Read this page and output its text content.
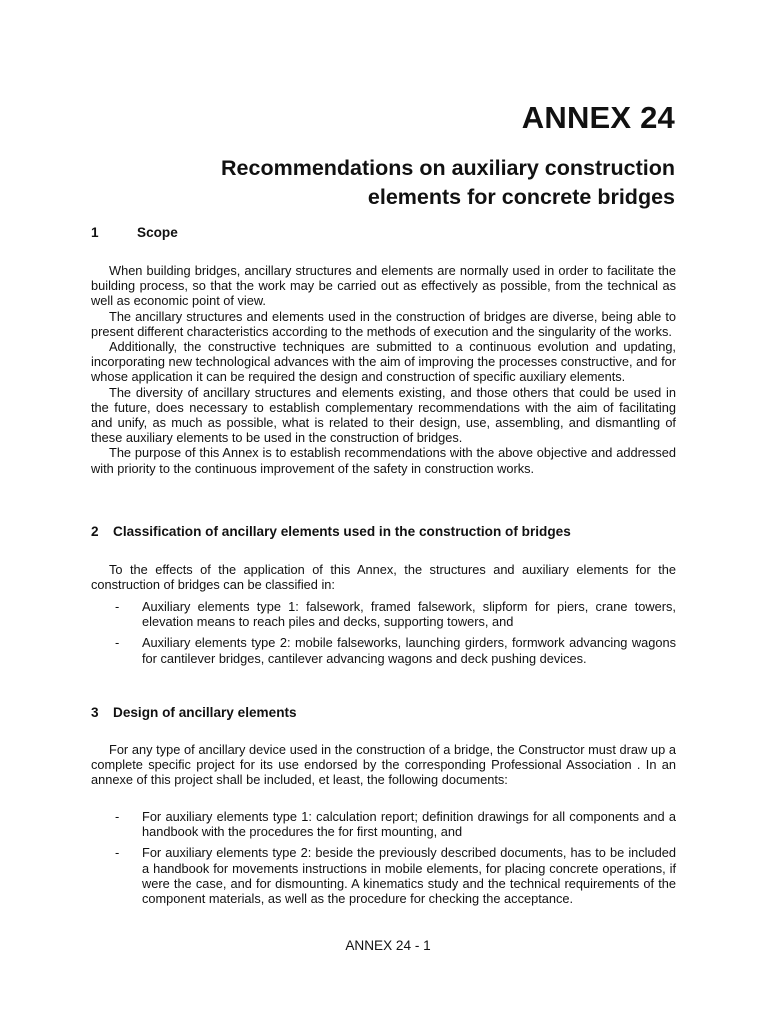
ANNEX 24
Recommendations on auxiliary construction
elements for concrete bridges
1	Scope

When building bridges, ancillary structures and elements are normally used in order to facilitate the building process, so that the work may be carried out as effectively as possible, from the technical as well as economic point of view.

The ancillary structures and elements used in the construction of bridges are diverse, being able to present different characteristics according to the methods of execution and the singularity of the works.

Additionally, the constructive techniques are submitted to a continuous evolution and updating, incorporating new technological advances with the aim of improving the processes constructive, and for whose application it can be required the design and construction of specific auxiliary elements.

The diversity of ancillary structures and elements existing, and those others that could be used in the future, does necessary to establish complementary recommendations with the aim of facilitating and unify, as much as possible, what is related to their design, use, assembling, and dismantling of these auxiliary elements to be used in the construction of bridges.

The purpose of this Annex is to establish recommendations with the above objective and addressed with priority to the continuous improvement of the safety in construction works.

2 Classification of ancillary elements used in the construction of bridges

To the effects of the application of this Annex, the structures and auxiliary elements for the construction of bridges can be classified in:

- Auxiliary elements type 1: falsework, framed falsework, slipform for piers, crane towers, elevation means to reach piles and decks, supporting towers, and
- Auxiliary elements type 2: mobile falseworks, launching girders, formwork advancing wagons for cantilever bridges, cantilever advancing wagons and deck pushing devices.
3 Design of ancillary elements

For any type of ancillary device used in the construction of a bridge, the Constructor must draw up a complete specific project for its use endorsed by the corresponding Professional Association . In an annexe of this project shall be included, et least, the following documents:

- For auxiliary elements type 1: calculation report; definition drawings for all components and a handbook with the procedures the for first mounting, and
- For auxiliary elements type 2: beside the previously described documents, has to be included a handbook for movements instructions in mobile elements, for placing concrete operations, if were the case, and for dismounting. A kinematics study and the technical requirements of the component materials, as well as the procedure for checking the acceptance.

ANNEX 24 - 1
